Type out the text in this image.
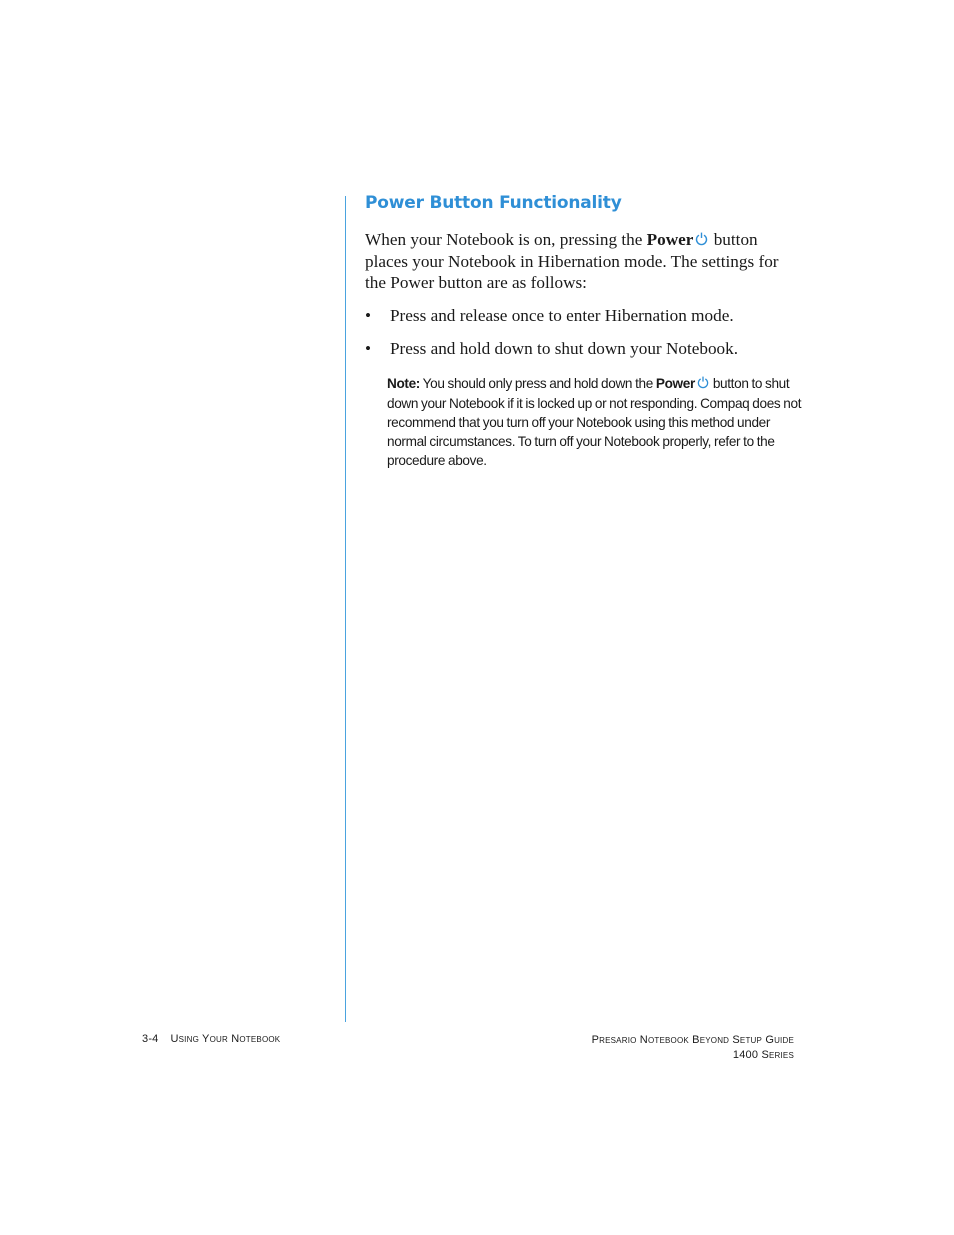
Power Button Functionality

When your Notebook is on, pressing the Power button places your Notebook in Hibernation mode. The settings for the Power button are as follows:

• Press and release once to enter Hibernation mode.
• Press and hold down to shut down your Notebook.

Note: You should only press and hold down the Power button to shut down your Notebook if it is locked up or not responding. Compaq does not recommend that you turn off your Notebook using this method under normal circumstances. To turn off your Notebook properly, refer to the procedure above.

3-4 Using Your Notebook	Presario Notebook Beyond Setup Guide
1400 Series
